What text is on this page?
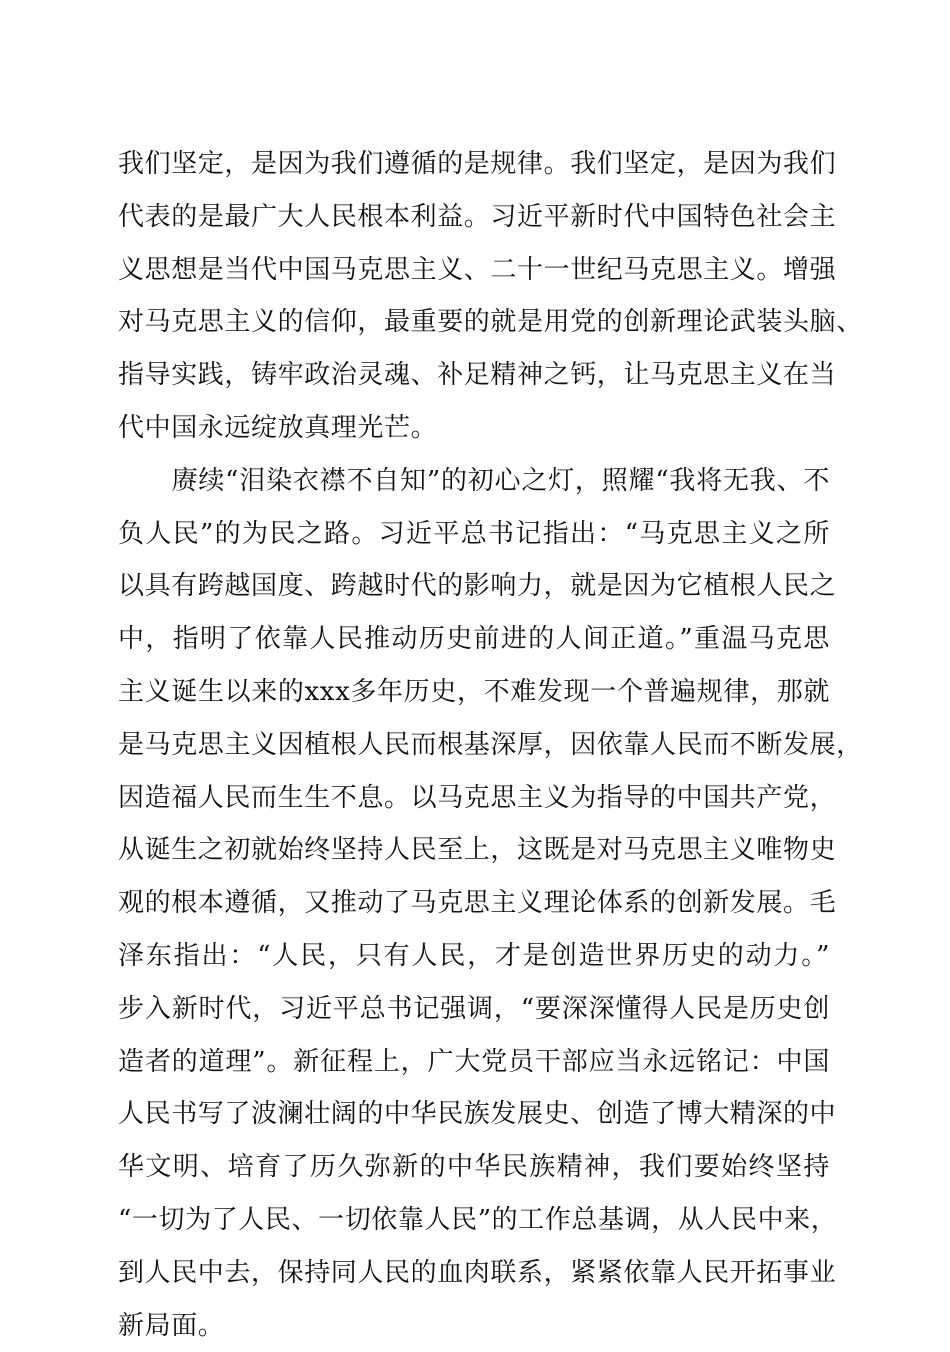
我们坚定，是因为我们遵循的是规律。我们坚定，是因为我们
代表的是最广大人民根本利益。习近平新时代中国特色社会主
义思想是当代中国马克思主义、二十一世纪马克思主义。增强
对马克思主义的信仰，最重要的就是用党的创新理论武装头脑、
指导实践，铸牢政治灵魂、补足精神之钙，让马克思主义在当
代中国永远绽放真理光芒。
　　赓续“泪染衣襟不自知”的初心之灯，照耀“我将无我、不
负人民”的为民之路。习近平总书记指出：“马克思主义之所
以具有跨越国度、跨越时代的影响力，就是因为它植根人民之
中，指明了依靠人民推动历史前进的人间正道。”重温马克思
主义诞生以来的xxx多年历史，不难发现一个普遍规律，那就
是马克思主义因植根人民而根基深厚，因依靠人民而不断发展，
因造福人民而生生不息。以马克思主义为指导的中国共产党，
从诞生之初就始终坚持人民至上，这既是对马克思主义唯物史
观的根本遵循，又推动了马克思主义理论体系的创新发展。毛
泽东指出：“人民，只有人民，才是创造世界历史的动力。”
步入新时代，习近平总书记强调，“要深深懂得人民是历史创
造者的道理”。新征程上，广大党员干部应当永远铭记：中国
人民书写了波澜壮阔的中华民族发展史、创造了博大精深的中
华文明、培育了历久弥新的中华民族精神，我们要始终坚持
“一切为了人民、一切依靠人民”的工作总基调，从人民中来，
到人民中去，保持同人民的血肉联系，紧紧依靠人民开拓事业
新局面。
